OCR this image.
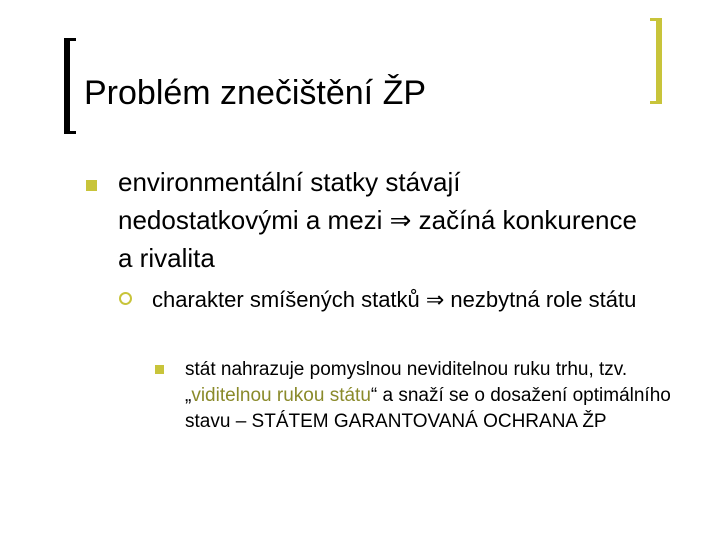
Problém znečištění ŽP
environmentální statky stávají nedostatkovými a mezi ⇒ začíná konkurence a rivalita
charakter smíšených statků ⇒ nezbytná role státu
stát nahrazuje pomyslnou neviditelnou ruku trhu, tzv. „viditelnou rukou státu“ a snaží se o dosažení optimálního stavu – STÁTEM GARANTOVANÁ OCHRANA ŽP
